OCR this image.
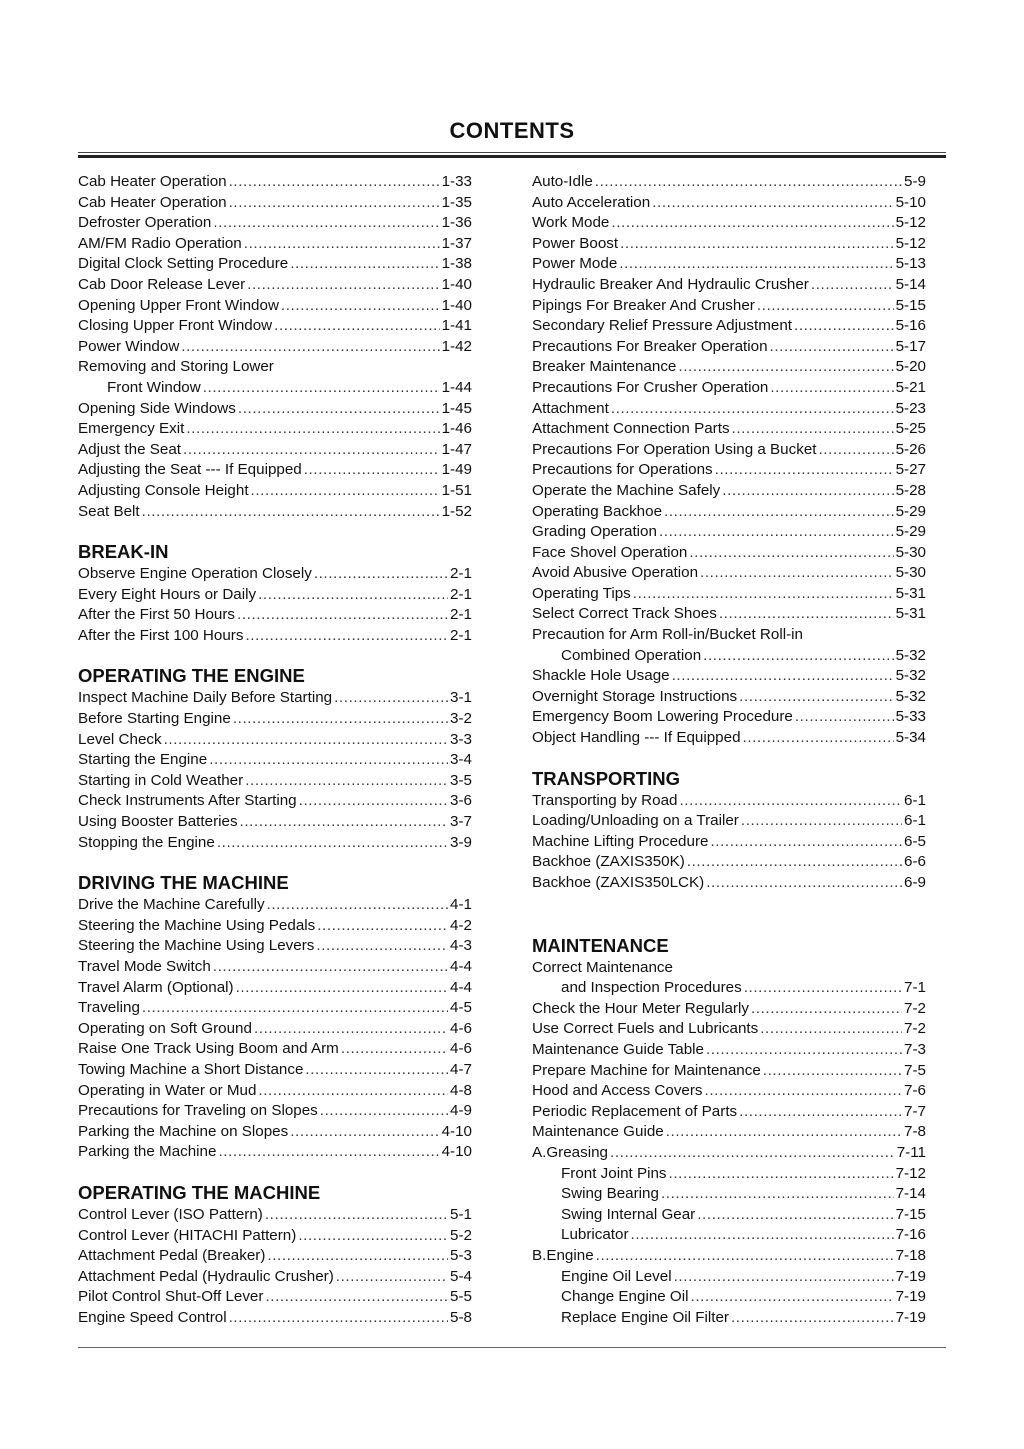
CONTENTS
Cab Heater Operation .....	1-33
Cab Heater Operation .....	1-35
Defroster Operation .....	1-36
AM/FM Radio Operation .....	1-37
Digital Clock Setting Procedure .....	1-38
Cab Door Release Lever .....	1-40
Opening Upper Front Window .....	1-40
Closing Upper Front Window .....	1-41
Power Window .....	1-42
Removing and Storing Lower
Front Window .....	1-44
Opening Side Windows .....	1-45
Emergency Exit .....	1-46
Adjust the Seat .....	1-47
Adjusting the Seat --- If Equipped .....	1-49
Adjusting Console Height .....	1-51
Seat Belt .....	1-52
BREAK-IN
Observe Engine Operation Closely .....	2-1
Every Eight Hours or Daily .....	2-1
After the First 50 Hours .....	2-1
After the First 100 Hours .....	2-1
OPERATING THE ENGINE
Inspect Machine Daily Before Starting .....	3-1
Before Starting Engine .....	3-2
Level Check .....	3-3
Starting the Engine .....	3-4
Starting in Cold Weather .....	3-5
Check Instruments After Starting .....	3-6
Using Booster Batteries .....	3-7
Stopping the Engine .....	3-9
DRIVING THE MACHINE
Drive the Machine Carefully .....	4-1
Steering the Machine Using Pedals .....	4-2
Steering the Machine Using Levers .....	4-3
Travel Mode Switch .....	4-4
Travel Alarm (Optional) .....	4-4
Traveling .....	4-5
Operating on Soft Ground .....	4-6
Raise One Track Using Boom and Arm .....	4-6
Towing Machine a Short Distance .....	4-7
Operating in Water or Mud .....	4-8
Precautions for Traveling on Slopes .....	4-9
Parking the Machine on Slopes .....	4-10
Parking the Machine .....	4-10
OPERATING THE MACHINE
Control Lever (ISO Pattern) .....	5-1
Control Lever (HITACHI Pattern) .....	5-2
Attachment Pedal (Breaker) .....	5-3
Attachment Pedal (Hydraulic Crusher) .....	5-4
Pilot Control Shut-Off Lever .....	5-5
Engine Speed Control .....	5-8
Auto-Idle .....	5-9
Auto Acceleration .....	5-10
Work Mode .....	5-12
Power Boost .....	5-12
Power Mode .....	5-13
Hydraulic Breaker And Hydraulic Crusher .....	5-14
Pipings For Breaker And Crusher .....	5-15
Secondary Relief Pressure Adjustment .....	5-16
Precautions For Breaker Operation .....	5-17
Breaker Maintenance .....	5-20
Precautions For Crusher Operation .....	5-21
Attachment .....	5-23
Attachment Connection Parts .....	5-25
Precautions For Operation Using a Bucket .....	5-26
Precautions for Operations .....	5-27
Operate the Machine Safely .....	5-28
Operating Backhoe .....	5-29
Grading Operation .....	5-29
Face Shovel Operation .....	5-30
Avoid Abusive Operation .....	5-30
Operating Tips .....	5-31
Select Correct Track Shoes .....	5-31
Precaution for Arm Roll-in/Bucket Roll-in
Combined Operation .....	5-32
Shackle Hole Usage .....	5-32
Overnight Storage Instructions .....	5-32
Emergency Boom Lowering Procedure .....	5-33
Object Handling --- If Equipped .....	5-34
TRANSPORTING
Transporting by Road .....	6-1
Loading/Unloading on a Trailer .....	6-1
Machine Lifting Procedure .....	6-5
Backhoe (ZAXIS350K) .....	6-6
Backhoe (ZAXIS350LCK) .....	6-9
MAINTENANCE
Correct Maintenance
and Inspection Procedures .....	7-1
Check the Hour Meter Regularly .....	7-2
Use Correct Fuels and Lubricants .....	7-2
Maintenance Guide Table .....	7-3
Prepare Machine for Maintenance .....	7-5
Hood and Access Covers .....	7-6
Periodic Replacement of Parts .....	7-7
Maintenance Guide .....	7-8
A. Greasing .....	7-11
Front Joint Pins .....	7-12
Swing Bearing .....	7-14
Swing Internal Gear .....	7-15
Lubricator .....	7-16
B. Engine .....	7-18
Engine Oil Level .....	7-19
Change Engine Oil .....	7-19
Replace Engine Oil Filter .....	7-19
